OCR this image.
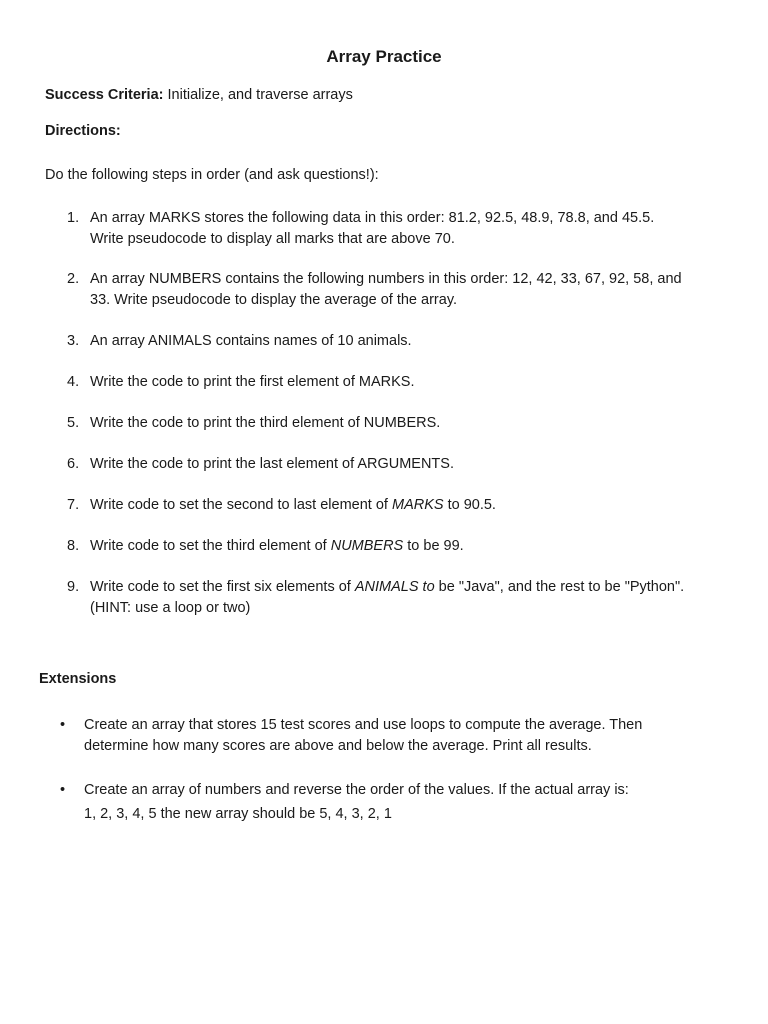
Array Practice
Success Criteria: Initialize, and traverse arrays
Directions:
Do the following steps in order (and ask questions!):
1. An array MARKS stores the following data in this order: 81.2, 92.5, 48.9, 78.8, and 45.5. Write pseudocode to display all marks that are above 70.
2. An array NUMBERS contains the following numbers in this order: 12, 42, 33, 67, 92, 58, and 33. Write pseudocode to display the average of the array.
3. An array ANIMALS contains names of 10 animals.
4. Write the code to print the first element of MARKS.
5. Write the code to print the third element of NUMBERS.
6. Write the code to print the last element of ARGUMENTS.
7. Write code to set the second to last element of MARKS to 90.5.
8. Write code to set the third element of NUMBERS to be 99.
9. Write code to set the first six elements of ANIMALS to be "Java", and the rest to be "Python". (HINT: use a loop or two)
Extensions
• Create an array that stores 15 test scores and use loops to compute the average. Then determine how many scores are above and below the average. Print all results.
• Create an array of numbers and reverse the order of the values. If the actual array is:
1, 2, 3, 4, 5 the new array should be 5, 4, 3, 2, 1
